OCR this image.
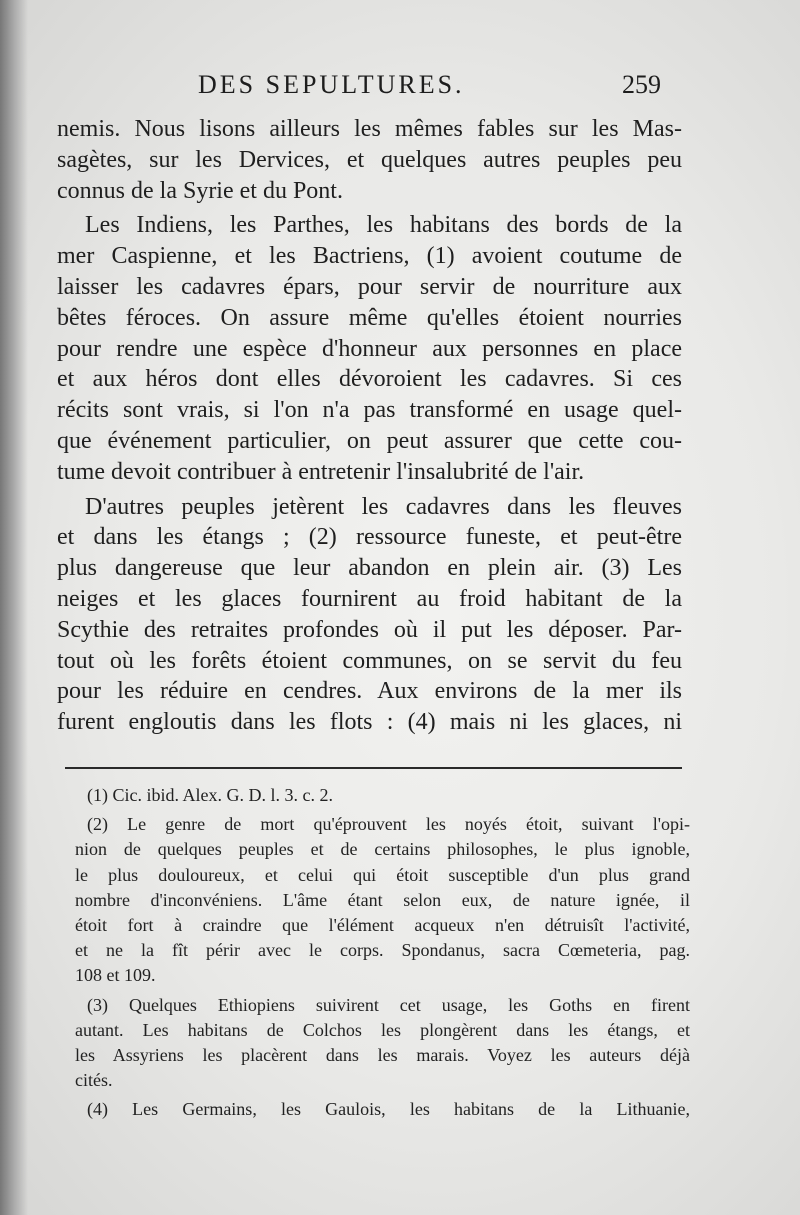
DES SEPULTURES.	259

nemis. Nous lisons ailleurs les mêmes fables sur les Mas-

sagètes, sur les Dervices, et quelques autres peuples peu

connus de la Syrie et du Pont.

Les Indiens, les Parthes, les habitans des bords de la

mer Caspienne, et les Bactriens, (1) avoient coutume de

laisser les cadavres épars, pour servir de nourriture aux

bêtes féroces. On assure même qu'elles étoient nourries

pour rendre une espèce d'honneur aux personnes en place

et aux héros dont elles dévoroient les cadavres. Si ces

récits sont vrais, si l'on n'a pas transformé en usage quel-

que événement particulier, on peut assurer que cette cou-

tume devoit contribuer à entretenir l'insalubrité de l'air.

D'autres peuples jetèrent les cadavres dans les fleuves

et dans les étangs ; (2) ressource funeste, et peut-être

plus dangereuse que leur abandon en plein air. (3) Les

neiges et les glaces fournirent au froid habitant de la

Scythie des retraites profondes où il put les déposer. Par-

tout où les forêts étoient communes, on se servit du feu

pour les réduire en cendres. Aux environs de la mer ils

furent engloutis dans les flots : (4) mais ni les glaces, ni

(1) Cic. ibid. Alex. G. D. l. 3. c. 2.

(2) Le genre de mort qu'éprouvent les noyés étoit, suivant l'opi-

nion de quelques peuples et de certains philosophes, le plus ignoble,

le plus douloureux, et celui qui étoit susceptible d'un plus grand

nombre d'inconvéniens. L'âme étant selon eux, de nature ignée, il

étoit fort à craindre que l'élément acqueux n'en détruisît l'activité,

et ne la fît périr avec le corps. Spondanus, sacra Cœmeteria, pag.

108 et 109.

(3) Quelques Ethiopiens suivirent cet usage, les Goths en firent

autant. Les habitans de Colchos les plongèrent dans les étangs, et

les Assyriens les placèrent dans les marais. Voyez les auteurs déjà

cités.

(4) Les Germains, les Gaulois, les habitans de la Lithuanie,
